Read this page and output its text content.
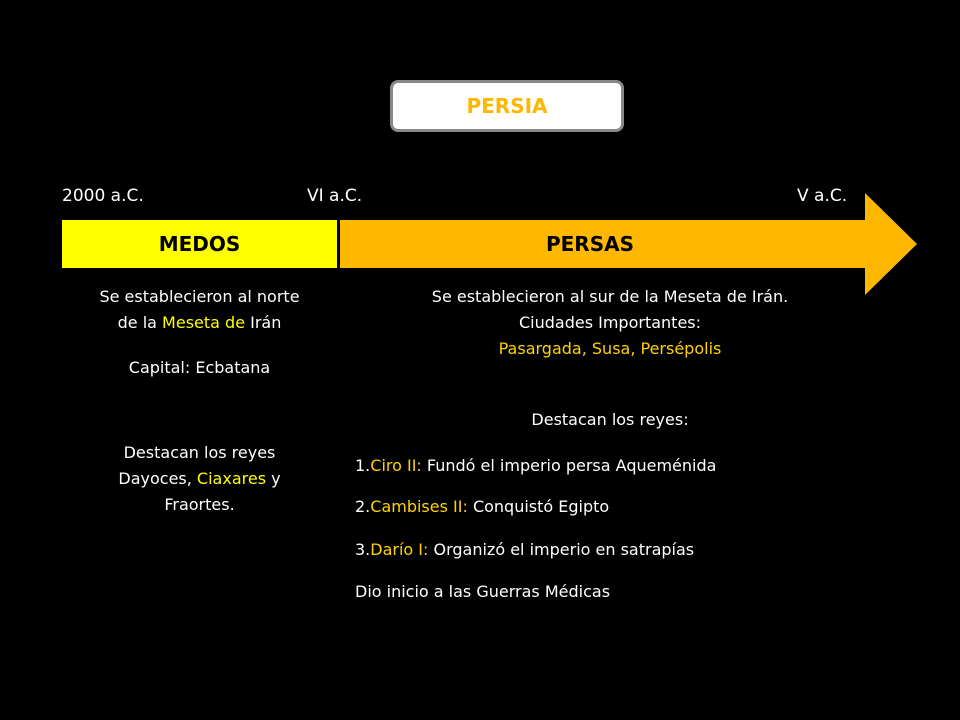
PERSIA
2000 a.C.	VI a.C.	V a.C.
MEDOS	PERSAS
Se establecieron al norte
de la Meseta de Irán
Capital: Ecbatana
Destacan los reyes
Dayoces, Ciaxares y
Fraortes.
Se establecieron al sur de la Meseta de Irán.
Ciudades Importantes:
Pasargada, Susa, Persépolis
Destacan los reyes:
1.Ciro II: Fundó el imperio persa Aqueménida
2.Cambises II: Conquistó Egipto
3.Darío I: Organizó el imperio en satrapías
Dio inicio a las Guerras Médicas
